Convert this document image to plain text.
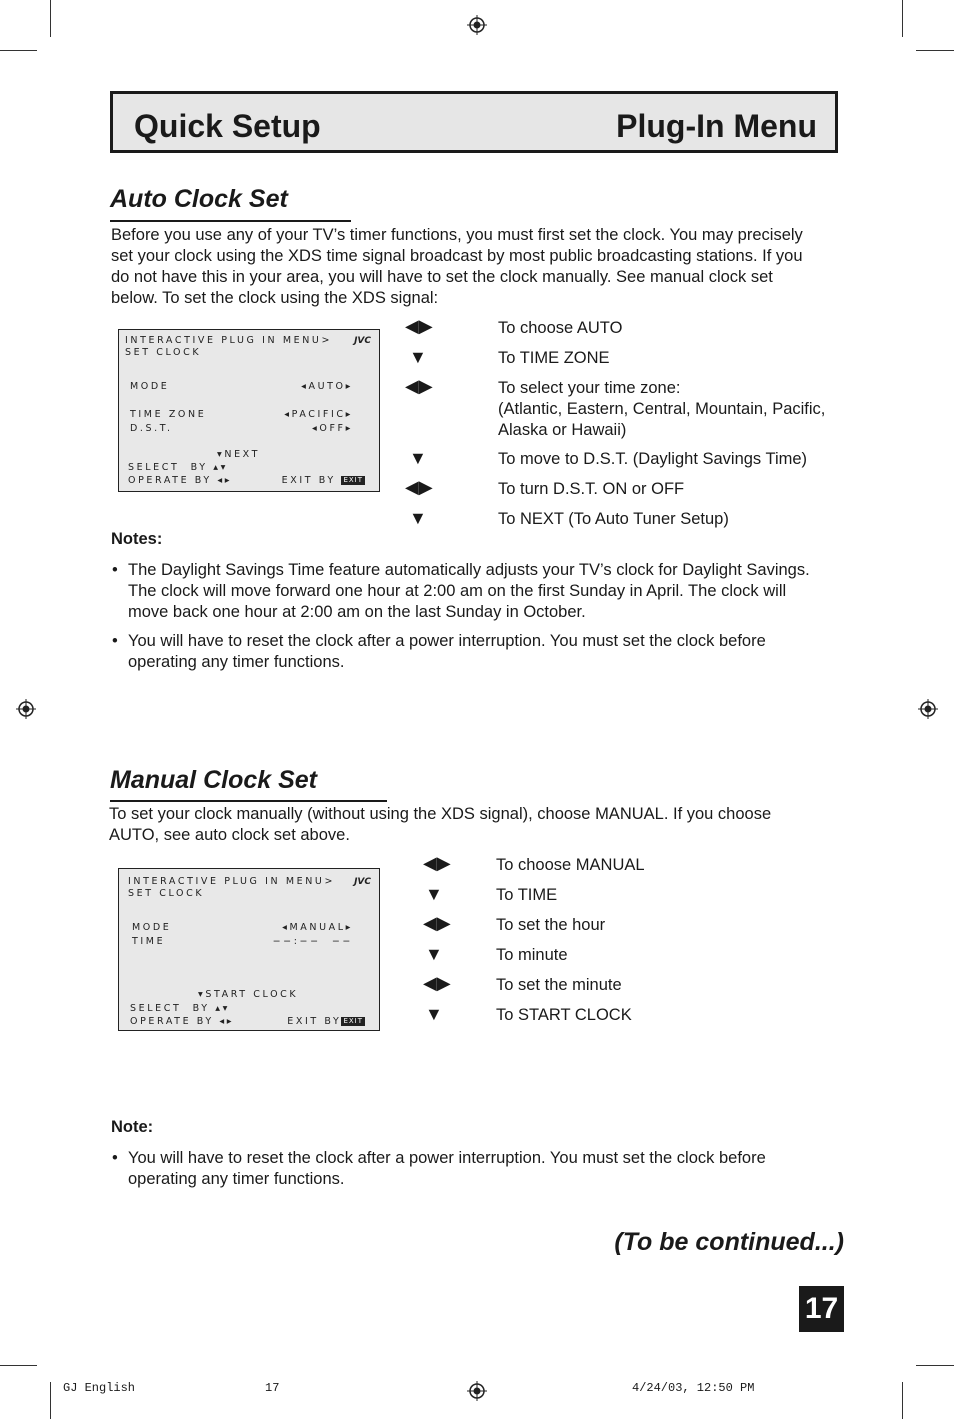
Quick Setup	Plug-In Menu
Auto Clock Set
Before you use any of your TV’s timer functions, you must first set the clock. You may precisely
set your clock using the XDS time signal broadcast by most public broadcasting stations. If you
do not have this in your area, you will have to set the clock manually. See manual clock set
below. To set the clock using the XDS signal:
INTERACTIVE PLUG IN MENU> JVC
SET CLOCK
MODE	◂AUTO▸
TIME ZONE	◂PACIFIC▸
D.S.T.	◂OFF▸
▾NEXT
SELECT  BY ▴▾
OPERATE BY ◂▸	EXIT BY EXIT
◀▶	To choose AUTO
▼	To TIME ZONE
◀▶	To select your time zone:
(Atlantic, Eastern, Central, Mountain, Pacific,
Alaska or Hawaii)
▼	To move to D.S.T. (Daylight Savings Time)
◀▶	To turn D.S.T. ON or OFF
▼	To NEXT (To Auto Tuner Setup)
Notes:
• The Daylight Savings Time feature automatically adjusts your TV’s clock for Daylight Savings.
The clock will move forward one hour at 2:00 am on the first Sunday in April. The clock will
move back one hour at 2:00 am on the last Sunday in October.
• You will have to reset the clock after a power interruption. You must set the clock before
operating any timer functions.
Manual Clock Set
To set your clock manually (without using the XDS signal), choose MANUAL. If you choose
AUTO, see auto clock set above.
INTERACTIVE PLUG IN MENU> JVC
SET CLOCK
MODE	◂MANUAL▸
TIME	−−:−−  −−
▾START CLOCK
SELECT  BY ▴▾
OPERATE BY ◂▸	EXIT BY EXIT
◀▶	To choose MANUAL
▼	To TIME
◀▶	To set the hour
▼	To minute
◀▶	To set the minute
▼	To START CLOCK
Note:
• You will have to reset the clock after a power interruption. You must set the clock before
operating any timer functions.
(To be continued...)
17
GJ English	17	4/24/03, 12:50 PM
